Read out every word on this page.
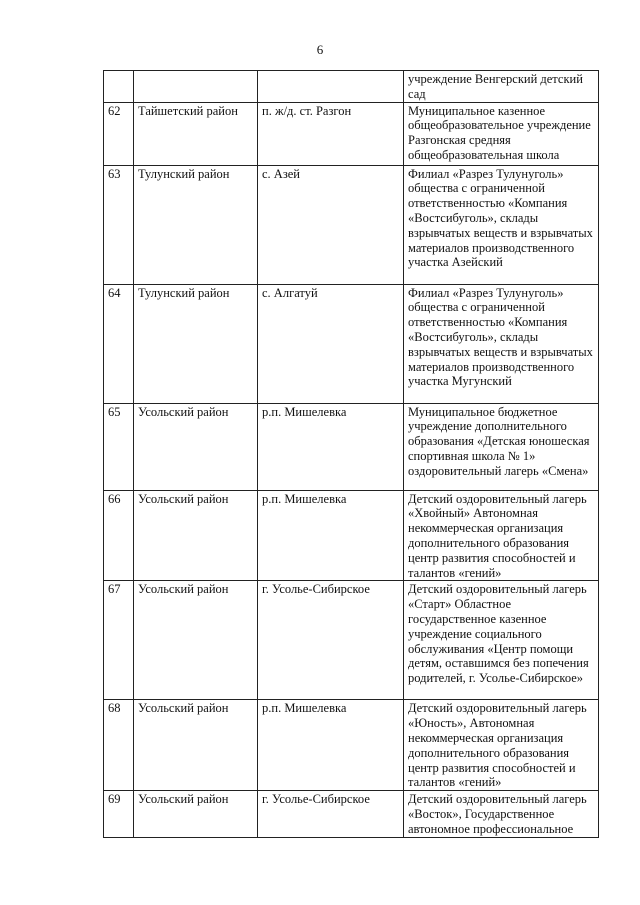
6
			учреждение Венгерский детский сад
62	Тайшетский район	п. ж/д. ст. Разгон	Муниципальное казенное общеобразовательное учреждение Разгонская средняя общеобразовательная школа
63	Тулунский район	с. Азей	Филиал «Разрез Тулунуголь» общества с ограниченной ответственностью «Компания «Востсибуголь», склады взрывчатых веществ и взрывчатых материалов производственного участка Азейский
64	Тулунский район	с. Алгатуй	Филиал «Разрез Тулунуголь» общества с ограниченной ответственностью «Компания «Востсибуголь», склады взрывчатых веществ и взрывчатых материалов производственного участка Мугунский
65	Усольский район	р.п. Мишелевка	Муниципальное бюджетное учреждение дополнительного образования «Детская юношеская спортивная школа № 1» оздоровительный лагерь «Смена»
66	Усольский район	р.п. Мишелевка	Детский оздоровительный лагерь «Хвойный» Автономная некоммерческая организация дополнительного образования центр развития способностей и талантов «гений»
67	Усольский район	г. Усолье-Сибирское	Детский оздоровительный лагерь «Старт» Областное государственное казенное учреждение социального обслуживания «Центр помощи детям, оставшимся без попечения родителей, г. Усолье-Сибирское»
68	Усольский район	р.п. Мишелевка	Детский оздоровительный лагерь «Юность», Автономная некоммерческая организация дополнительного образования центр развития способностей и талантов «гений»
69	Усольский район	г. Усолье-Сибирское	Детский оздоровительный лагерь «Восток», Государственное автономное профессиональное
